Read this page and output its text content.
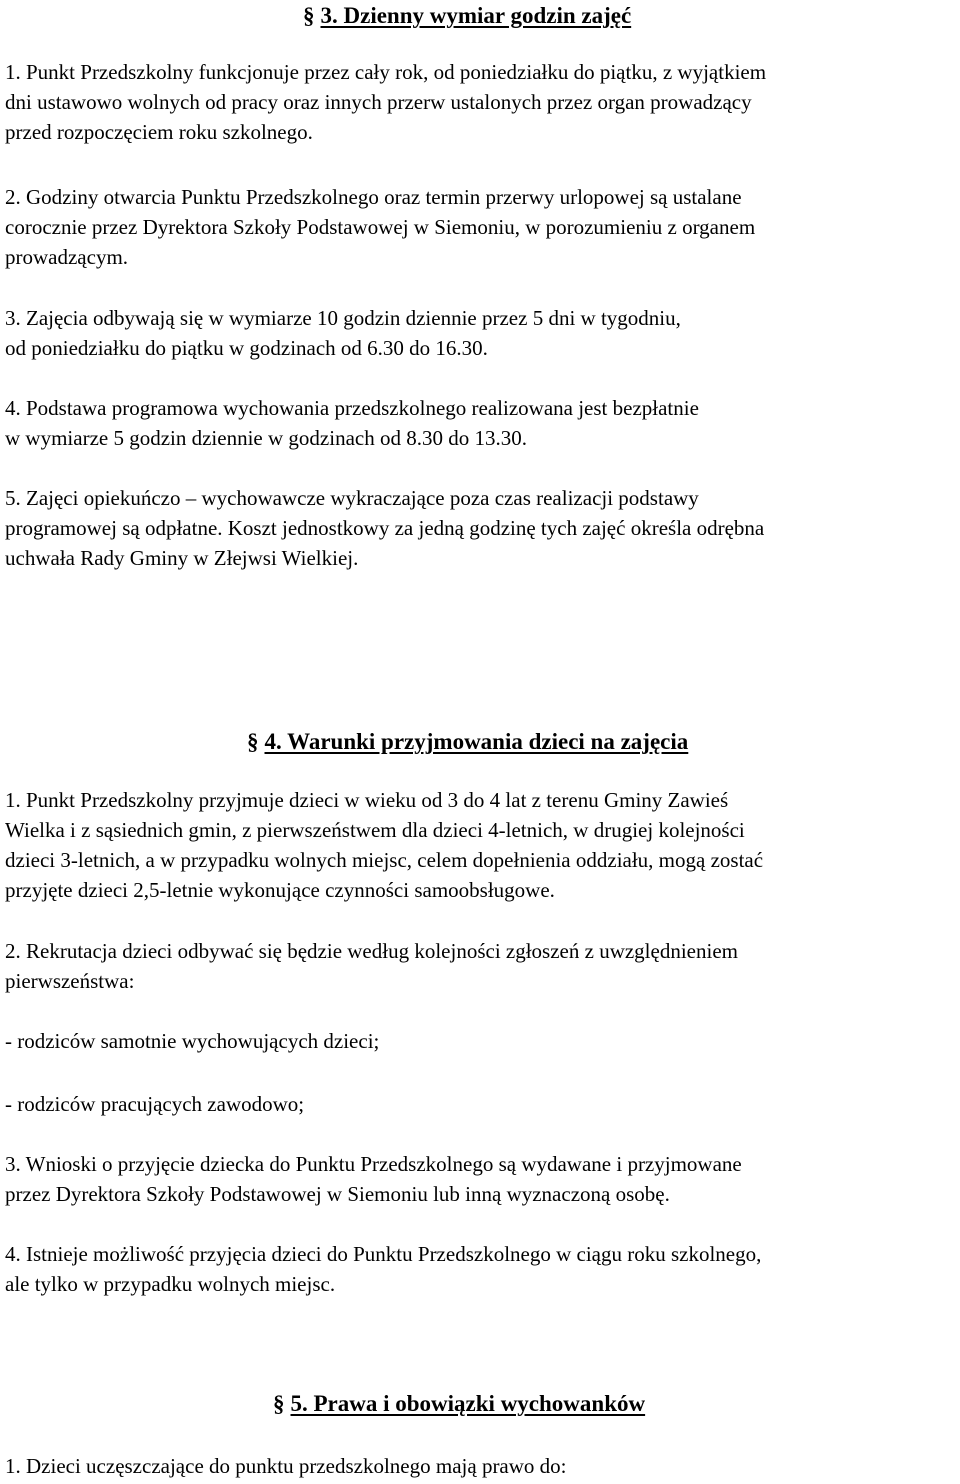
§ 3. Dzienny wymiar godzin zajęć
1. Punkt Przedszkolny funkcjonuje przez cały rok, od poniedziałku do piątku, z wyjątkiem
dni ustawowo wolnych od pracy oraz innych przerw ustalonych przez organ prowadzący
przed rozpoczęciem roku szkolnego.
2. Godziny otwarcia Punktu Przedszkolnego oraz termin przerwy urlopowej są ustalane
corocznie przez Dyrektora Szkoły Podstawowej w Siemoniu, w porozumieniu z organem
prowadzącym.
3. Zajęcia odbywają się w wymiarze 10 godzin dziennie przez 5 dni w tygodniu,
od poniedziałku do piątku w godzinach od 6.30 do 16.30.
4. Podstawa programowa wychowania przedszkolnego realizowana jest bezpłatnie
w wymiarze 5 godzin dziennie w godzinach od 8.30 do 13.30.
5. Zajęci opiekuńczo – wychowawcze wykraczające poza czas realizacji podstawy
programowej są odpłatne. Koszt jednostkowy za jedną godzinę tych zajęć określa odrębna
uchwała Rady Gminy w Złejwsi Wielkiej.
§ 4. Warunki przyjmowania dzieci na zajęcia
1. Punkt Przedszkolny przyjmuje dzieci w wieku od 3 do 4 lat z terenu Gminy Zawieś
Wielka i z sąsiednich gmin, z pierwszeństwem dla dzieci 4-letnich, w drugiej kolejności
dzieci 3-letnich, a w przypadku wolnych miejsc, celem dopełnienia oddziału, mogą zostać
przyjęte dzieci 2,5-letnie wykonujące czynności samoobsługowe.
2. Rekrutacja dzieci odbywać się będzie według kolejności zgłoszeń z uwzględnieniem
pierwszeństwa:
- rodziców samotnie wychowujących dzieci;
- rodziców pracujących zawodowo;
3. Wnioski o przyjęcie dziecka do Punktu Przedszkolnego są wydawane i przyjmowane
przez Dyrektora Szkoły Podstawowej w Siemoniu lub inną wyznaczoną osobę.
4. Istnieje możliwość przyjęcia dzieci do Punktu Przedszkolnego w ciągu roku szkolnego,
ale tylko w przypadku wolnych miejsc.
§ 5. Prawa i obowiązki wychowanków
1. Dzieci uczęszczające do punktu przedszkolnego mają prawo do:
